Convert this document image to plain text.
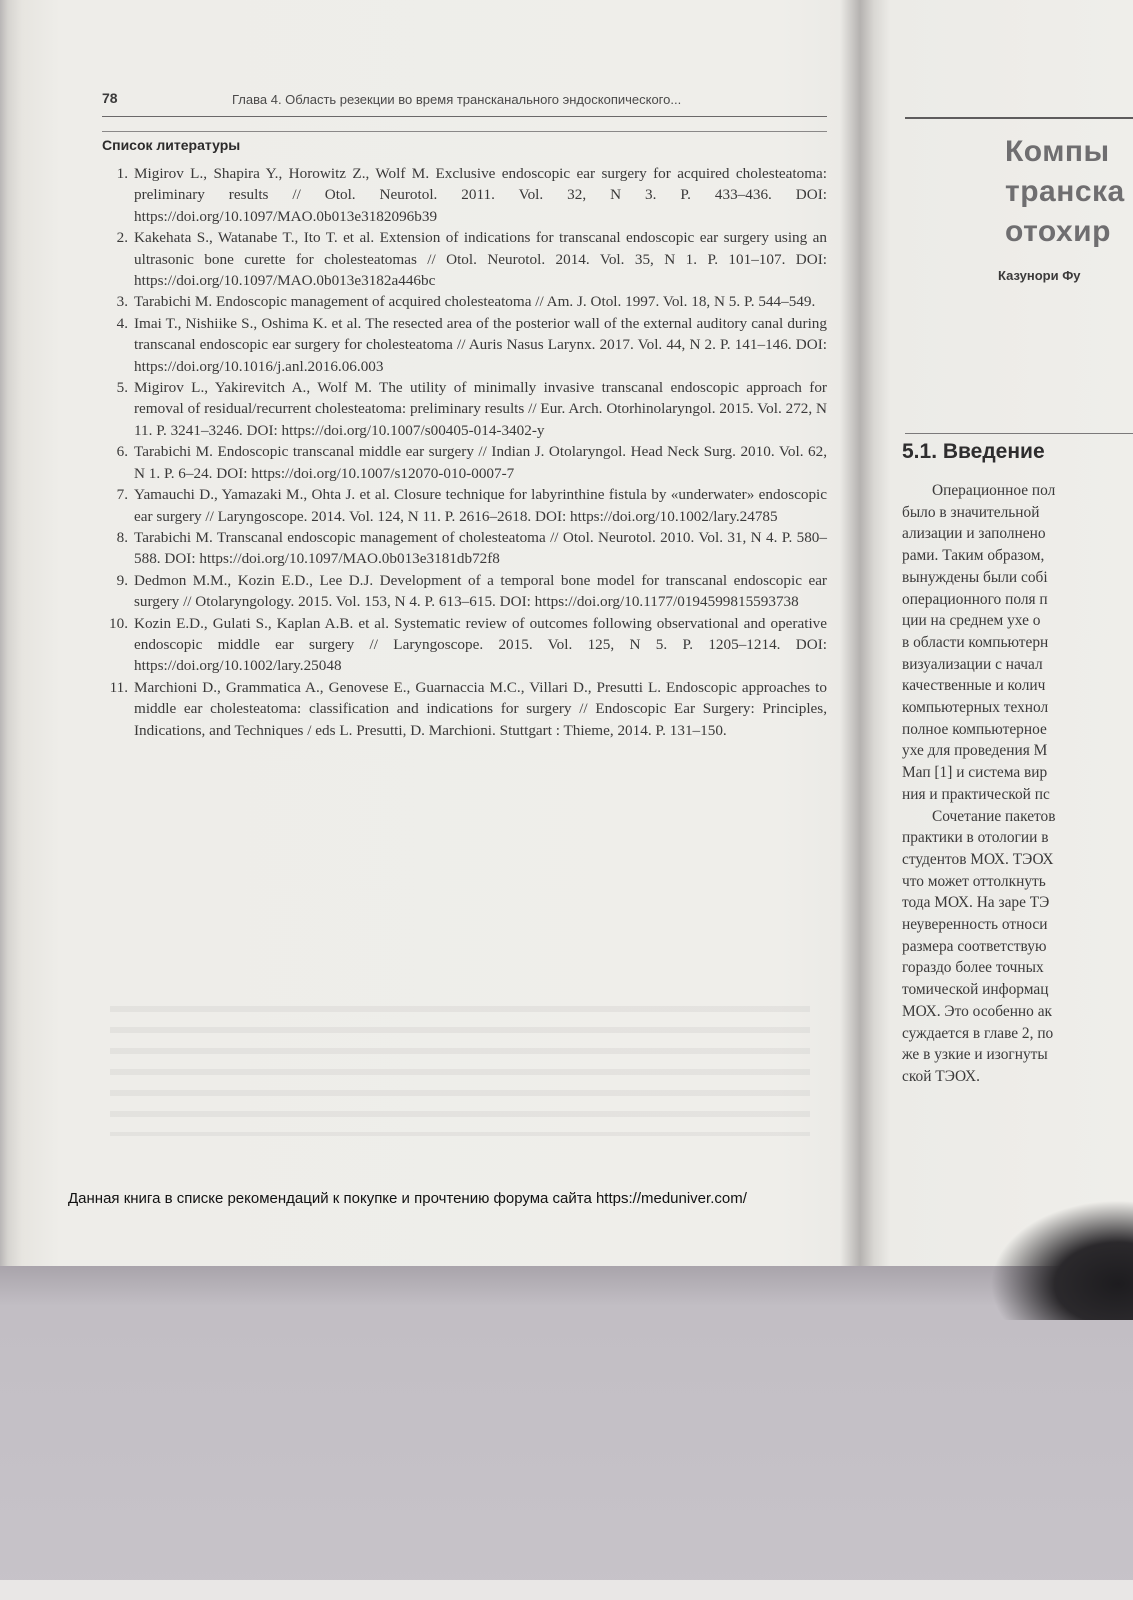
78	Глава 4. Область резекции во время трансканального эндоскопического...
Список литературы
1. Migirov L., Shapira Y., Horowitz Z., Wolf M. Exclusive endoscopic ear surgery for acquired cholesteatoma: preliminary results // Otol. Neurotol. 2011. Vol. 32, N 3. P. 433–436. DOI: https://doi.org/10.1097/MAO.0b013e3182096b39
2. Kakehata S., Watanabe T., Ito T. et al. Extension of indications for transcanal endoscopic ear surgery using an ultrasonic bone curette for cholesteatomas // Otol. Neurotol. 2014. Vol. 35, N 1. P. 101–107. DOI: https://doi.org/10.1097/MAO.0b013e3182a446bc
3. Tarabichi M. Endoscopic management of acquired cholesteatoma // Am. J. Otol. 1997. Vol. 18, N 5. P. 544–549.
4. Imai T., Nishiike S., Oshima K. et al. The resected area of the posterior wall of the external auditory canal during transcanal endoscopic ear surgery for cholesteatoma // Auris Nasus Larynx. 2017. Vol. 44, N 2. P. 141–146. DOI: https://doi.org/10.1016/j.anl.2016.06.003
5. Migirov L., Yakirevitch A., Wolf M. The utility of minimally invasive transcanal endoscopic approach for removal of residual/recurrent cholesteatoma: preliminary results // Eur. Arch. Otorhinolaryngol. 2015. Vol. 272, N 11. P. 3241–3246. DOI: https://doi.org/10.1007/s00405-014-3402-y
6. Tarabichi M. Endoscopic transcanal middle ear surgery // Indian J. Otolaryngol. Head Neck Surg. 2010. Vol. 62, N 1. P. 6–24. DOI: https://doi.org/10.1007/s12070-010-0007-7
7. Yamauchi D., Yamazaki M., Ohta J. et al. Closure technique for labyrinthine fistula by «underwater» endoscopic ear surgery // Laryngoscope. 2014. Vol. 124, N 11. P. 2616–2618. DOI: https://doi.org/10.1002/lary.24785
8. Tarabichi M. Transcanal endoscopic management of cholesteatoma // Otol. Neurotol. 2010. Vol. 31, N 4. P. 580–588. DOI: https://doi.org/10.1097/MAO.0b013e3181db72f8
9. Dedmon M.M., Kozin E.D., Lee D.J. Development of a temporal bone model for transcanal endoscopic ear surgery // Otolaryngology. 2015. Vol. 153, N 4. P. 613–615. DOI: https://doi.org/10.1177/0194599815593738
10. Kozin E.D., Gulati S., Kaplan A.B. et al. Systematic review of outcomes following observational and operative endoscopic middle ear surgery // Laryngoscope. 2015. Vol. 125, N 5. P. 1205–1214. DOI: https://doi.org/10.1002/lary.25048
11. Marchioni D., Grammatica A., Genovese E., Guarnaccia M.C., Villari D., Presutti L. Endoscopic approaches to middle ear cholesteatoma: classification and indications for surgery // Endoscopic Ear Surgery: Principles, Indications, and Techniques / eds L. Presutti, D. Marchioni. Stuttgart : Thieme, 2014. P. 131–150.
Данная книга в списке рекомендаций к покупке и прочтению форума сайта https://meduniver.com/
Компы
транска
отохир
Казунори Фу
5.1. Введение
Операционное пол
было в значительной
ализации и заполнено
рами. Таким образом,
вынуждены были собі
операционного поля п
ции на среднем ухе о
в области компьютерн
визуализации с начал
качественные и колич
компьютерных технол
полное компьютерное
ухе для проведения М
Мап [1] и система вир
ния и практической пс
Сочетание пакетов
практики в отологии в
студентов МОХ. ТЭОХ
что может оттолкнуть
тода МОХ. На заре ТЭ
неуверенность относи
размера соответствую
гораздо более точных
томической информац
МОХ. Это особенно ак
суждается в главе 2, по
же в узкие и изогнуты
ской ТЭОХ.
